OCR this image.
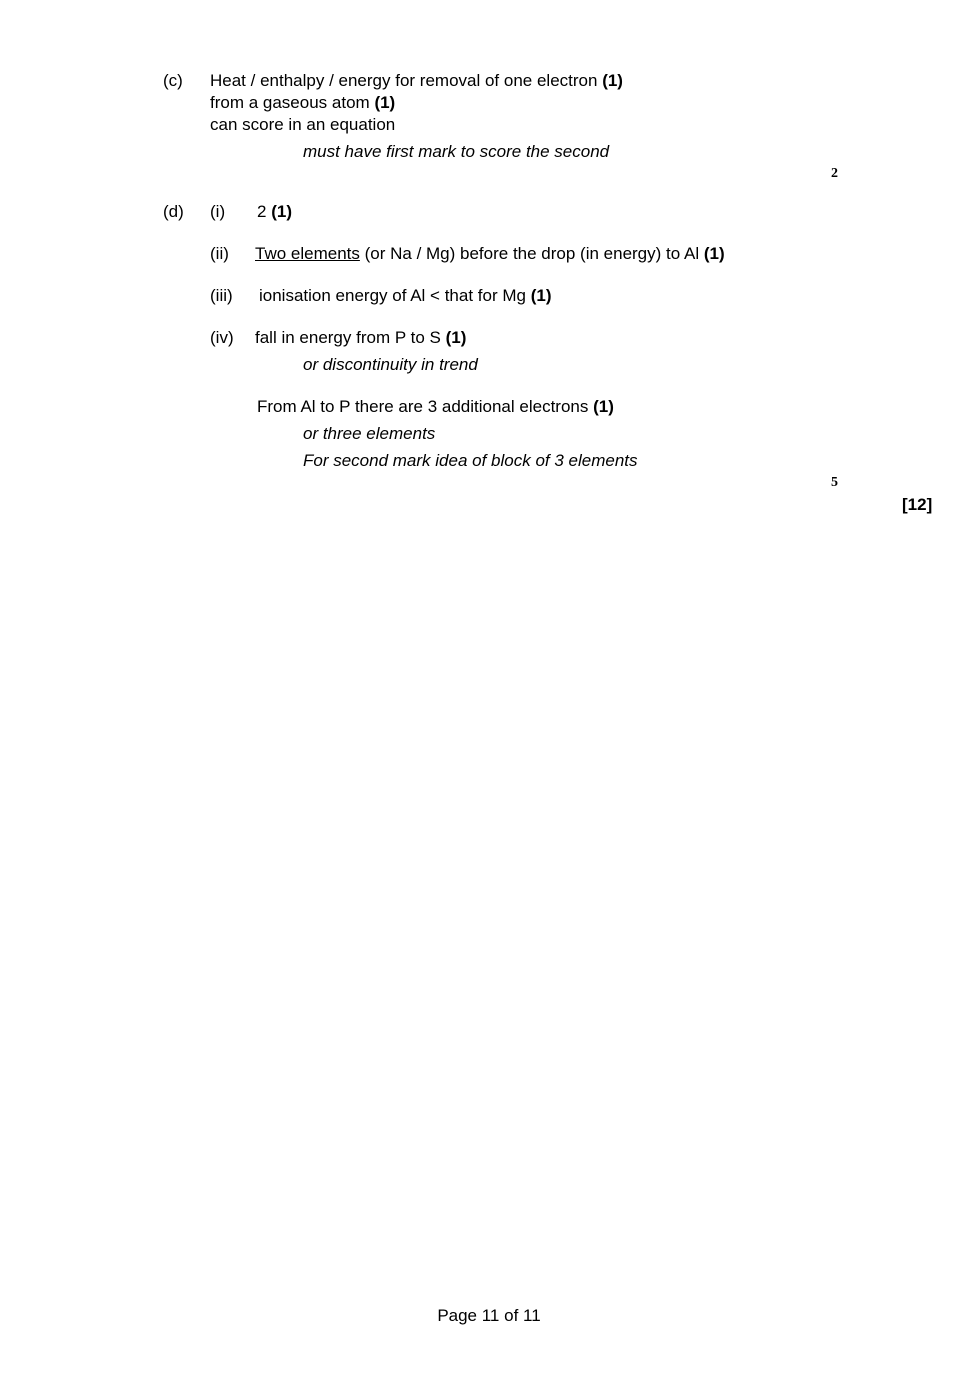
(c) Heat / enthalpy / energy for removal of one electron (1)
from a gaseous atom (1)
can score in an equation
must have first mark to score the second
2
(d) (i) 2 (1)
(ii) Two elements (or Na / Mg) before the drop (in energy) to Al (1)
(iii) ionisation energy of Al < that for Mg (1)
(iv) fall in energy from P to S (1)
or discontinuity in trend
From Al to P there are 3 additional electrons (1)
or three elements
For second mark idea of block of 3 elements
5
[12]
Page 11 of 11
